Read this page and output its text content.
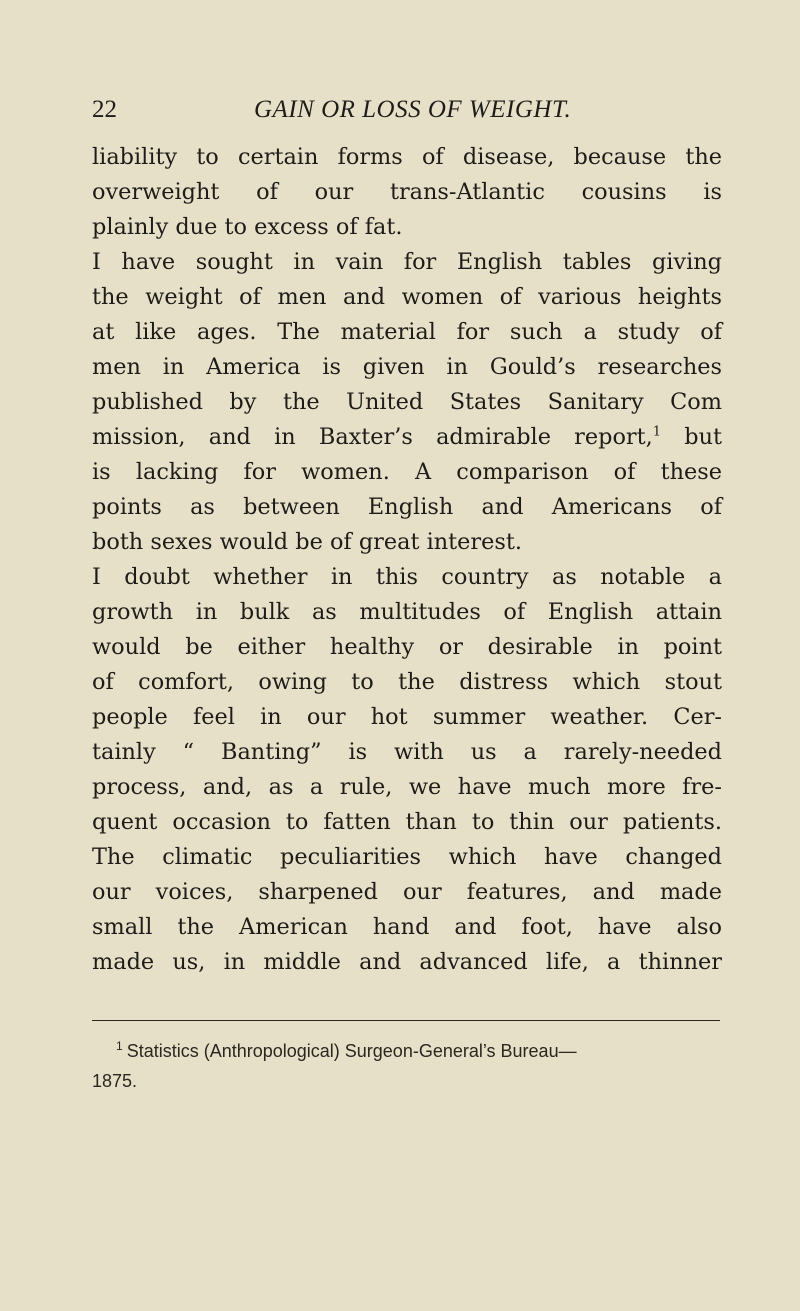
22	GAIN OR LOSS OF WEIGHT.
liability to certain forms of disease, because the
overweight of our trans-Atlantic cousins is
plainly due to excess of fat.
I have sought in vain for English tables giving
the weight of men and women of various heights
at like ages. The material for such a study of
men in America is given in Gould’s researches
published by the United States Sanitary Com
mission, and in Baxter’s admirable report,$^1$ but
is lacking for women. A comparison of these
points as between English and Americans of
both sexes would be of great interest.
I doubt whether in this country as notable a
growth in bulk as multitudes of English attain
would be either healthy or desirable in point
of comfort, owing to the distress which stout
people feel in our hot summer weather. Cer-
tainly “ Banting” is with us a rarely-needed
process, and, as a rule, we have much more fre-
quent occasion to fatten than to thin our patients.
The climatic peculiarities which have changed
our voices, sharpened our features, and made
small the American hand and foot, have also
made us, in middle and advanced life, a thinner
$^1$ Statistics (Anthropological) Surgeon-General’s Bureau—
1875.
